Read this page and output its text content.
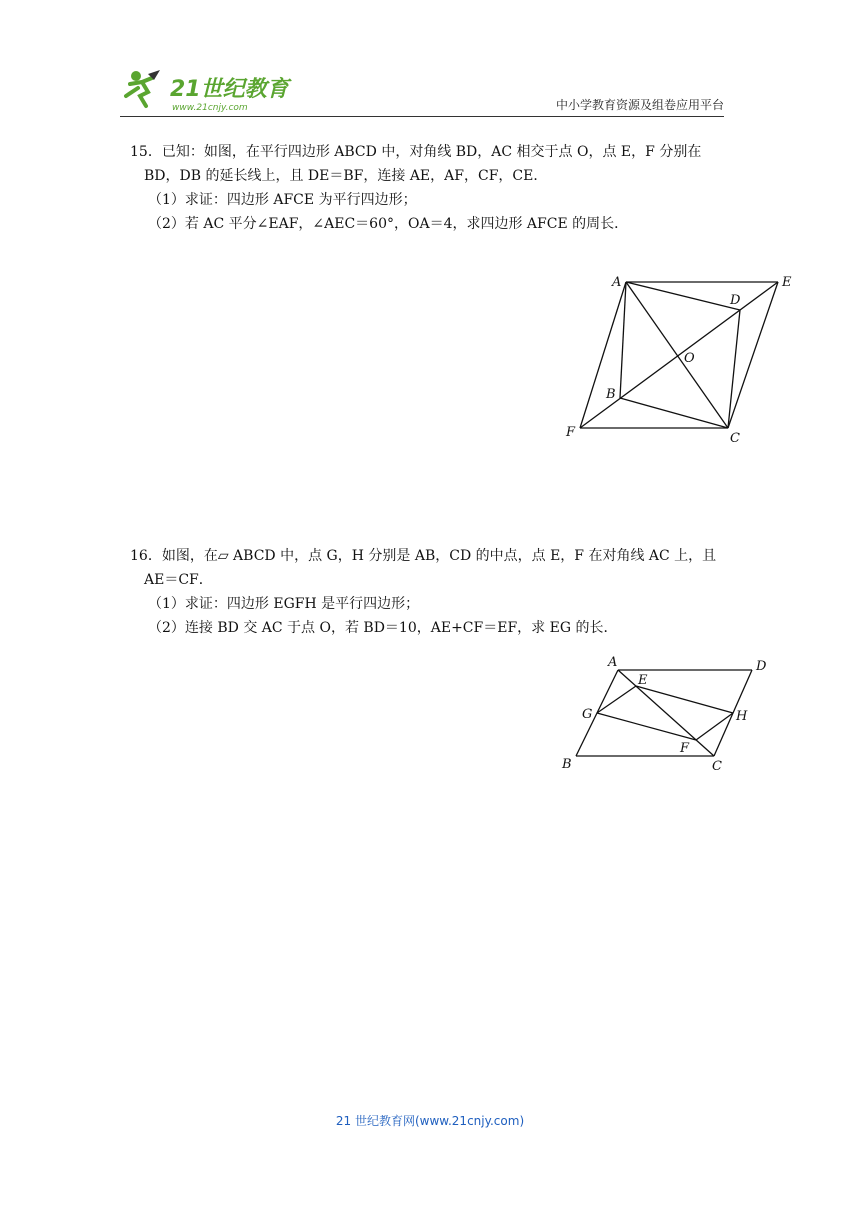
21世纪教育
www.21cnjy.com	中小学教育资源及组卷应用平台

15．已知：如图，在平行四边形 ABCD 中，对角线 BD，AC 相交于点 O，点 E，F 分别在

BD，DB 的延长线上，且 DE＝BF，连接 AE，AF，CF，CE．

（1）求证：四边形 AFCE 为平行四边形；

（2）若 AC 平分∠EAF，∠AEC＝60°，OA＝4，求四边形 AFCE 的周长．

A	E
D
O
B
F	C

16．如图，在▱ ABCD 中，点 G，H 分别是 AB，CD 的中点，点 E，F 在对角线 AC 上，且

AE＝CF．

（1）求证：四边形 EGFH 是平行四边形；

（2）连接 BD 交 AC 于点 O，若 BD＝10，AE+CF＝EF，求 EG 的长．

A	D
E
G	H
F
B	C
21 世纪教育网(www.21cnjy.com)
